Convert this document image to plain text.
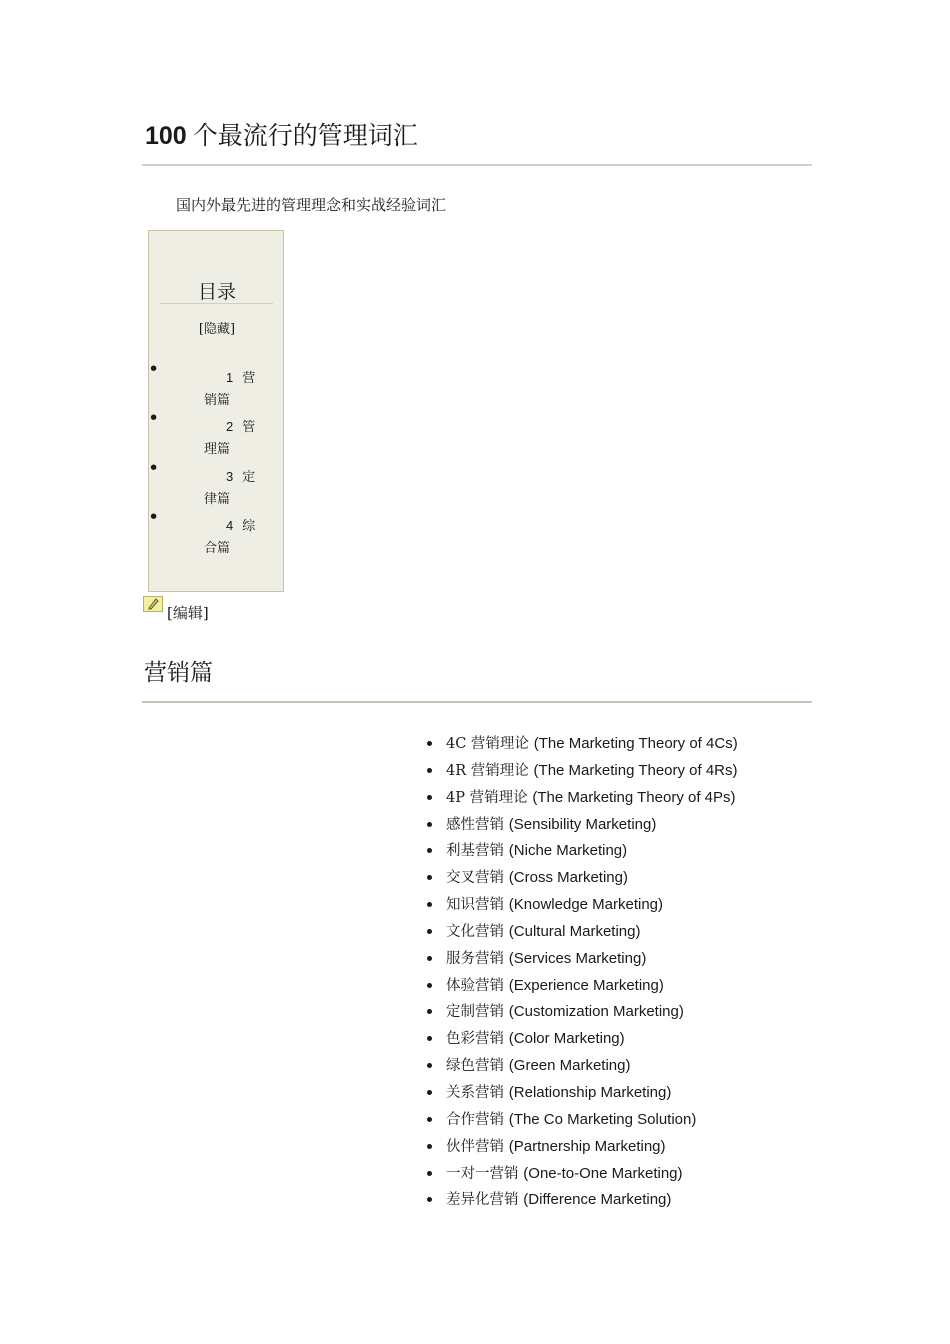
100 个最流行的管理词汇
国内外最先进的管理理念和实战经验词汇
目录
[隐藏]
•	1 营
销篇
•	2 管
理篇
•	3 定
律篇
•	4 综
合篇
[编辑]
营销篇
4C 营销理论 (The Marketing Theory of 4Cs)
4R 营销理论 (The Marketing Theory of 4Rs)
4P 营销理论 (The Marketing Theory of 4Ps)
感性营销 (Sensibility Marketing)
利基营销 (Niche Marketing)
交叉营销 (Cross Marketing)
知识营销 (Knowledge Marketing)
文化营销 (Cultural Marketing)
服务营销 (Services Marketing)
体验营销 (Experience Marketing)
定制营销 (Customization Marketing)
色彩营销 (Color Marketing)
绿色营销 (Green Marketing)
关系营销 (Relationship Marketing)
合作营销 (The Co Marketing Solution)
伙伴营销 (Partnership Marketing)
一对一营销 (One-to-One Marketing)
差异化营销 (Difference Marketing)
